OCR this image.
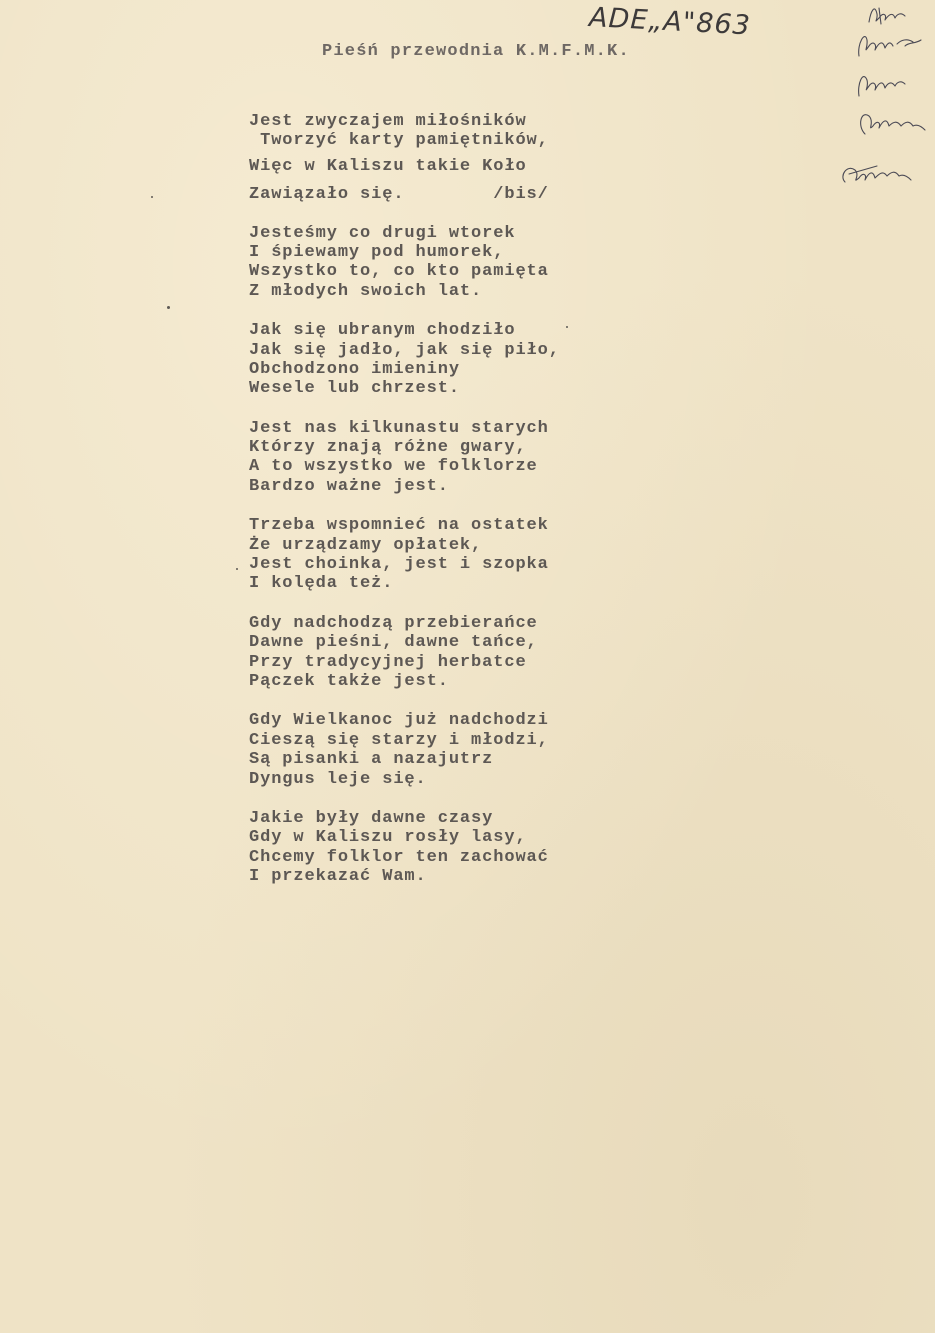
ADE„A"863
Pieśń przewodnia K.M.F.M.K.
Jest zwyczajem miłośników
Tworzyć karty pamiętników,
Więc w Kaliszu takie Koło
Zawiązało się.        /bis/
Jesteśmy co drugi wtorek
I śpiewamy pod humorek,
Wszystko to, co kto pamięta
Z młodych swoich lat.
Jak się ubranym chodziło
Jak się jadło, jak się piło,
Obchodzono imieniny
Wesele lub chrzest.
Jest nas kilkunastu starych
Którzy znają różne gwary,
A to wszystko we folklorze
Bardzo ważne jest.
Trzeba wspomnieć na ostatek
Że urządzamy opłatek,
Jest choinka, jest i szopka
I kolęda też.
Gdy nadchodzą przebierańce
Dawne pieśni, dawne tańce,
Przy tradycyjnej herbatce
Pączek także jest.
Gdy Wielkanoc już nadchodzi
Cieszą się starzy i młodzi,
Są pisanki a nazajutrz
Dyngus leje się.
Jakie były dawne czasy
Gdy w Kaliszu rosły lasy,
Chcemy folklor ten zachować
I przekazać Wam.
